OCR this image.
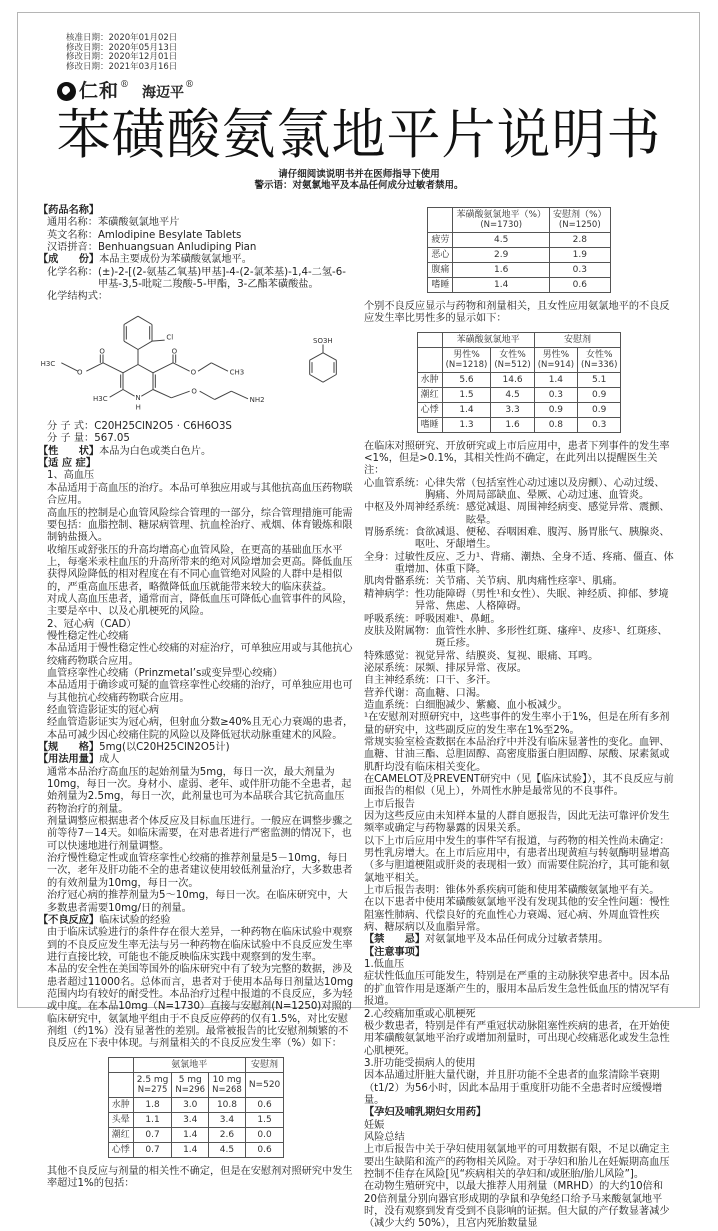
核准日期：2020年01月02日
修改日期：2020年05月13日
修改日期：2020年12月01日
修改日期：2021年03月16日
仁和 ® 海迈平 ®
苯磺酸氨氯地平片说明书
请仔细阅读说明书并在医师指导下使用
警示语：对氨氯地平及本品任何成分过敏者禁用。
【药品名称】
通用名称： 苯磺酸氨氯地平片
英文名称： Amlodipine Besylate Tablets
汉语拼音： Benhuangsuan Anludiping Pian
【成　　份】本品主要成份为苯磺酸氨氯地平。
化学名称： (±)-2-[(2-氨基乙氧基)甲基]-4-(2-氯苯基)-1,4-二氢-6-甲基-3,5-吡啶二羧酸-5-甲酯，3-乙酯苯磺酸盐。
化学结构式：
Cl
O
O
O
O
H3C
CH3
H3C N
H
O
NH2
SO3H
分 子 式： C20H25ClN2O5 · C6H6O3S
分 子 量： 567.05
【性　　状】本品为白色或类白色片。
【适 应 症】
1、高血压
本品适用于高血压的治疗。本品可单独应用或与其他抗高血压药物联合应用。
高血压的控制是心血管风险综合管理的一部分，综合管理措施可能需要包括：血脂控制、糖尿病管理、抗血栓治疗、戒烟、体育锻炼和限制钠盐摄入。
收缩压或舒张压的升高均增高心血管风险，在更高的基础血压水平上，每毫米汞柱血压的升高所带来的绝对风险增加会更高。降低血压获得风险降低的相对程度在有不同心血管绝对风险的人群中是相似的，严重高血压患者，略微降低血压就能带来较大的临床获益。
对成人高血压患者，通常而言，降低血压可降低心血管事件的风险，主要是卒中、以及心肌梗死的风险。
2、冠心病（CAD）
慢性稳定性心绞痛
本品适用于慢性稳定性心绞痛的对症治疗，可单独应用或与其他抗心绞痛药物联合应用。
血管痉挛性心绞痛（Prinzmetal’s或变异型心绞痛）
本品适用于确诊或可疑的血管痉挛性心绞痛的治疗，可单独应用也可与其他抗心绞痛药物联合应用。
经血管造影证实的冠心病
经血管造影证实为冠心病，但射血分数≥40%且无心力衰竭的患者，本品可减少因心绞痛住院的风险以及降低冠状动脉重建术的风险。
【规　　格】5mg(以C20H25ClN2O5计)
【用法用量】成人
通常本品治疗高血压的起始剂量为5mg，每日一次，最大剂量为10mg，每日一次。身材小、虚弱、老年、或伴肝功能不全患者，起始剂量为2.5mg，每日一次，此剂量也可为本品联合其它抗高血压药物治疗的剂量。
剂量调整应根据患者个体反应及目标血压进行。一般应在调整步骤之前等待7－14天。如临床需要，在对患者进行严密监测的情况下，也可以快速地进行剂量调整。
治疗慢性稳定性或血管痉挛性心绞痛的推荐剂量是5－10mg，每日一次，老年及肝功能不全的患者建议使用较低剂量治疗，大多数患者的有效剂量为10mg，每日一次。
治疗冠心病的推荐剂量为5～10mg，每日一次。在临床研究中，大多数患者需要10mg/日的剂量。
【不良反应】临床试验的经验
由于临床试验进行的条件存在很大差异，一种药物在临床试验中观察到的不良反应发生率无法与另一种药物在临床试验中不良反应发生率进行直接比较，可能也不能反映临床实践中观察到的发生率。
本品的安全性在美国等国外的临床研究中有了较为完整的数据，涉及患者超过11000名。总体而言，患者对于使用本品每日剂量达10mg范围内均有较好的耐受性。本品治疗过程中报道的不良反应，多为轻或中度。在本品10mg（N=1730）直接与安慰剂(N=1250)对照的临床研究中，氨氯地平组由于不良反应停药的仅有1.5%，对比安慰剂组（约1%）没有显著性的差别。最常被报告的比安慰剂频繁的不良反应在下表中体现。与剂量相关的不良反应发生率（%）如下：
	氨氯地平			安慰剂
	2.5 mg
N=275	5 mg
N=296	10 mg
N=268	N=520
水肿	1.8	3.0	10.8	0.6
头晕	1.1	3.4	3.4	1.5
潮红	0.7	1.4	2.6	0.0
心悸	0.7	1.4	4.5	0.6
其他不良反应与剂量的相关性不确定，但是在安慰剂对照研究中发生率超过1%的包括：
	苯磺酸氨氯地平（%）
(N=1730)	安慰剂（%）
(N=1250)

疲劳	4.5	2.8
恶心	2.9	1.9
腹痛	1.6	0.3
嗜睡	1.4	0.6
个别不良反应显示与药物和剂量相关，且女性应用氨氯地平的不良反应发生率比男性多的显示如下：
	苯磺酸氨氯地平		安慰剂	
	男性%
(N=1218)	女性%
(N=512)	男性%
(N=914)	女性%
(N=336)

水肿	5.6	14.6	1.4	5.1
潮红	1.5	4.5	0.3	0.9
心悸	1.4	3.3	0.9	0.9
嗜睡	1.3	1.6	0.8	0.3
在临床对照研究、开放研究或上市后应用中，患者下列事件的发生率<1%，但是>0.1%，其相关性尚不确定，在此列出以提醒医生关注：
心血管系统： 心律失常（包括室性心动过速以及房颤）、心动过缓、胸痛、外周局部缺血、晕厥、心动过速、血管炎。
中枢及外周神经系统： 感觉减退、周围神经病变、感觉异常、震颤、眩晕。
胃肠系统： 食欲减退、便秘、吞咽困难、腹泻、肠胃胀气、胰腺炎、呕吐、牙龈增生。
全身： 过敏性反应、乏力¹、背痛、潮热、全身不适、疼痛、僵直、体重增加、体重下降。
肌肉骨骼系统： 关节痛、关节病、肌肉痛性痉挛¹、肌痛。
精神病学： 性功能障碍（男性¹和女性）、失眠、神经质、抑郁、梦境异常、焦虑、人格障碍。
呼吸系统： 呼吸困难¹、鼻衄。
皮肤及附属物： 血管性水肿、多形性红斑、瘙痒¹、皮疹¹、红斑疹、斑丘疹。
特殊感觉： 视觉异常、结膜炎、复视、眼痛、耳鸣。
泌尿系统： 尿频、排尿异常、夜尿。
自主神经系统： 口干、多汗。
营养代谢： 高血糖、口渴。
造血系统： 白细胞减少、紫癜、血小板减少。
¹在安慰剂对照研究中，这些事件的发生率小于1%，但是在所有多剂量的研究中，这些副反应的发生率在1%至2%。
常规实验室检查数据在本品治疗中并没有临床显著性的变化。血钾、血糖、甘油三酯、总胆固醇、高密度脂蛋白胆固醇、尿酸、尿素氮或肌酐均没有临床相关变化。
在CAMELOT及PREVENT研究中（见【临床试验】），其不良反应与前面报告的相似（见上），外周性水肿是最常见的不良事件。
上市后报告
因为这些反应由未知样本量的人群自愿报告，因此无法可靠评价发生频率或确定与药物暴露的因果关系。
以下上市后应用中发生的事件罕有报道，与药物的相关性尚未确定：男性乳房增大。在上市后应用中，有患者出现黄疸与转氨酶明显增高（多与胆道梗阻或肝炎的表现相一致）而需要住院治疗，其可能和氨氯地平相关。
上市后报告表明：锥体外系疾病可能和使用苯磺酸氨氯地平有关。
在以下患者中使用苯磺酸氨氯地平没有发现其他的安全性问题：慢性阻塞性肺病、代偿良好的充血性心力衰竭、冠心病、外周血管性疾病、糖尿病以及血脂异常。
【禁　　忌】对氨氯地平及本品任何成分过敏者禁用。
【注意事项】
1.低血压
症状性低血压可能发生，特别是在严重的主动脉狭窄患者中。因本品的扩血管作用是逐渐产生的，服用本品后发生急性低血压的情况罕有报道。
2.心绞痛加重或心肌梗死
极少数患者，特别是伴有严重冠状动脉阻塞性疾病的患者，在开始使用苯磺酸氨氯地平治疗或增加剂量时，可出现心绞痛恶化或发生急性心肌梗死。
3.肝功能受损病人的使用
因本品通过肝脏大量代谢，并且肝功能不全患者的血浆清除半衰期（t1/2）为56小时，因此本品用于重度肝功能不全患者时应缓慢增量。
【孕妇及哺乳期妇女用药】
妊娠
风险总结
上市后报告中关于孕妇使用氨氯地平的可用数据有限，不足以确定主要出生缺陷和流产的药物相关风险。对于孕妇和胎儿在妊娠期高血压控制不佳存在风险[见“疾病相关的孕妇和/或胚胎/胎儿风险”]。
在动物生殖研究中，以最大推荐人用剂量（MRHD）的大约10倍和20倍剂量分别向器官形成期的孕鼠和孕兔经口给予马来酸氨氯地平时，没有观察到发育受到不良影响的证据。但大鼠的产仔数显著减少（减少大约 50%），且宫内死胎数量显
